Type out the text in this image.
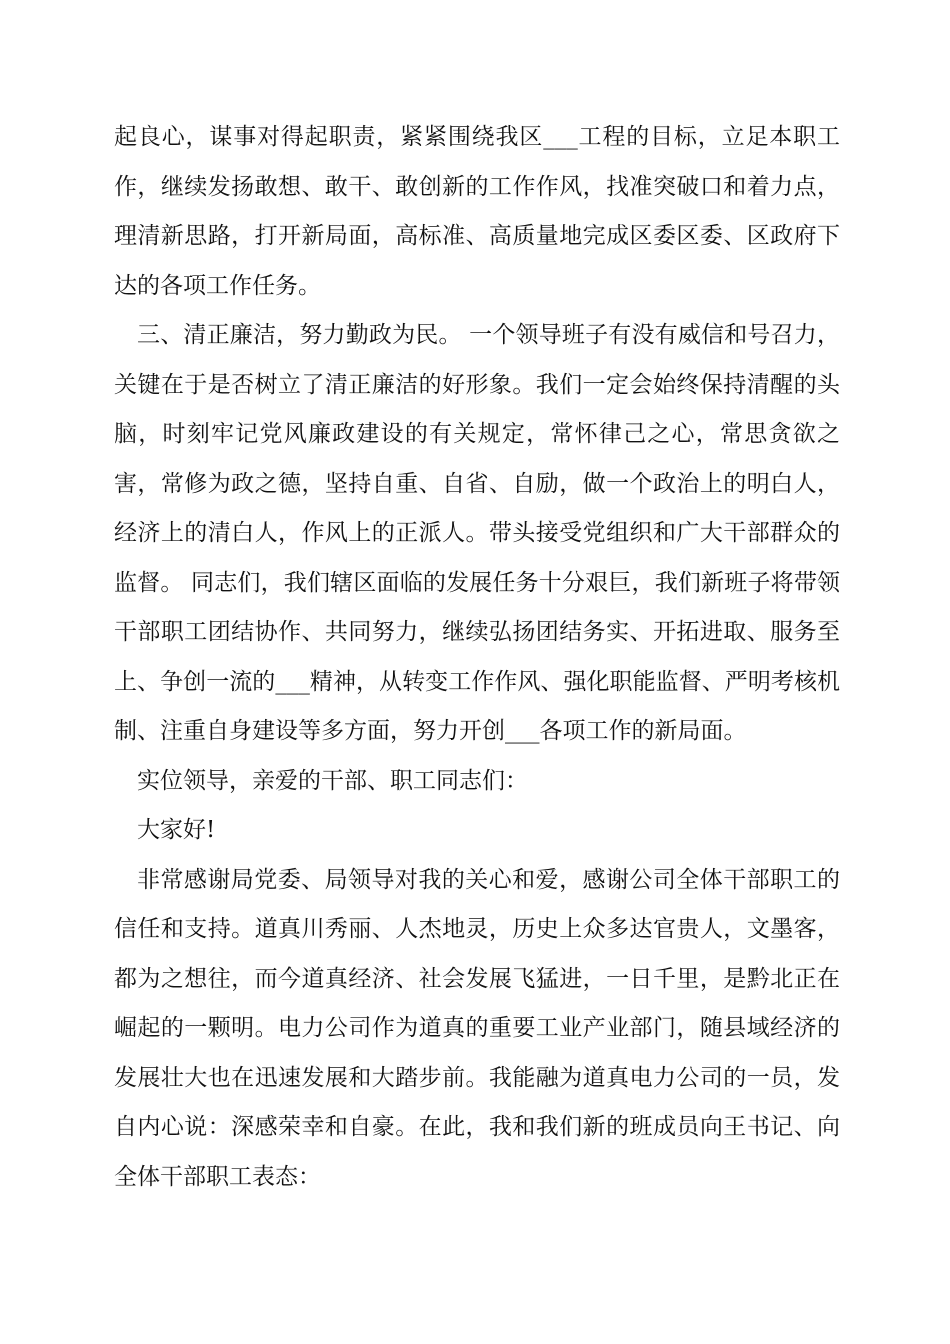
起良心，谋事对得起职责，紧紧围绕我区___工程的目标，立足本职工作，继续发扬敢想、敢干、敢创新的工作作风，找准突破口和着力点，理清新思路，打开新局面，高标准、高质量地完成区委区委、区政府下达的各项工作任务。

三、清正廉洁，努力勤政为民。 一个领导班子有没有威信和号召力，关键在于是否树立了清正廉洁的好形象。我们一定会始终保持清醒的头脑，时刻牢记党风廉政建设的有关规定，常怀律己之心，常思贪欲之害，常修为政之德，坚持自重、自省、自励，做一个政治上的明白人，经济上的清白人，作风上的正派人。带头接受党组织和广大干部群众的监督。 同志们，我们辖区面临的发展任务十分艰巨，我们新班子将带领干部职工团结协作、共同努力，继续弘扬团结务实、开拓进取、服务至上、争创一流的___精神，从转变工作作风、强化职能监督、严明考核机制、注重自身建设等多方面，努力开创___各项工作的新局面。

实位领导，亲爱的干部、职工同志们：

大家好!

非常感谢局党委、局领导对我的关心和爱，感谢公司全体干部职工的信任和支持。道真川秀丽、人杰地灵，历史上众多达官贵人，文墨客，都为之想往，而今道真经济、社会发展飞猛进，一日千里，是黔北正在崛起的一颗明。电力公司作为道真的重要工业产业部门，随县域经济的发展壮大也在迅速发展和大踏步前。我能融为道真电力公司的一员，发自内心说：深感荣幸和自豪。在此，我和我们新的班成员向王书记、向全体干部职工表态：
